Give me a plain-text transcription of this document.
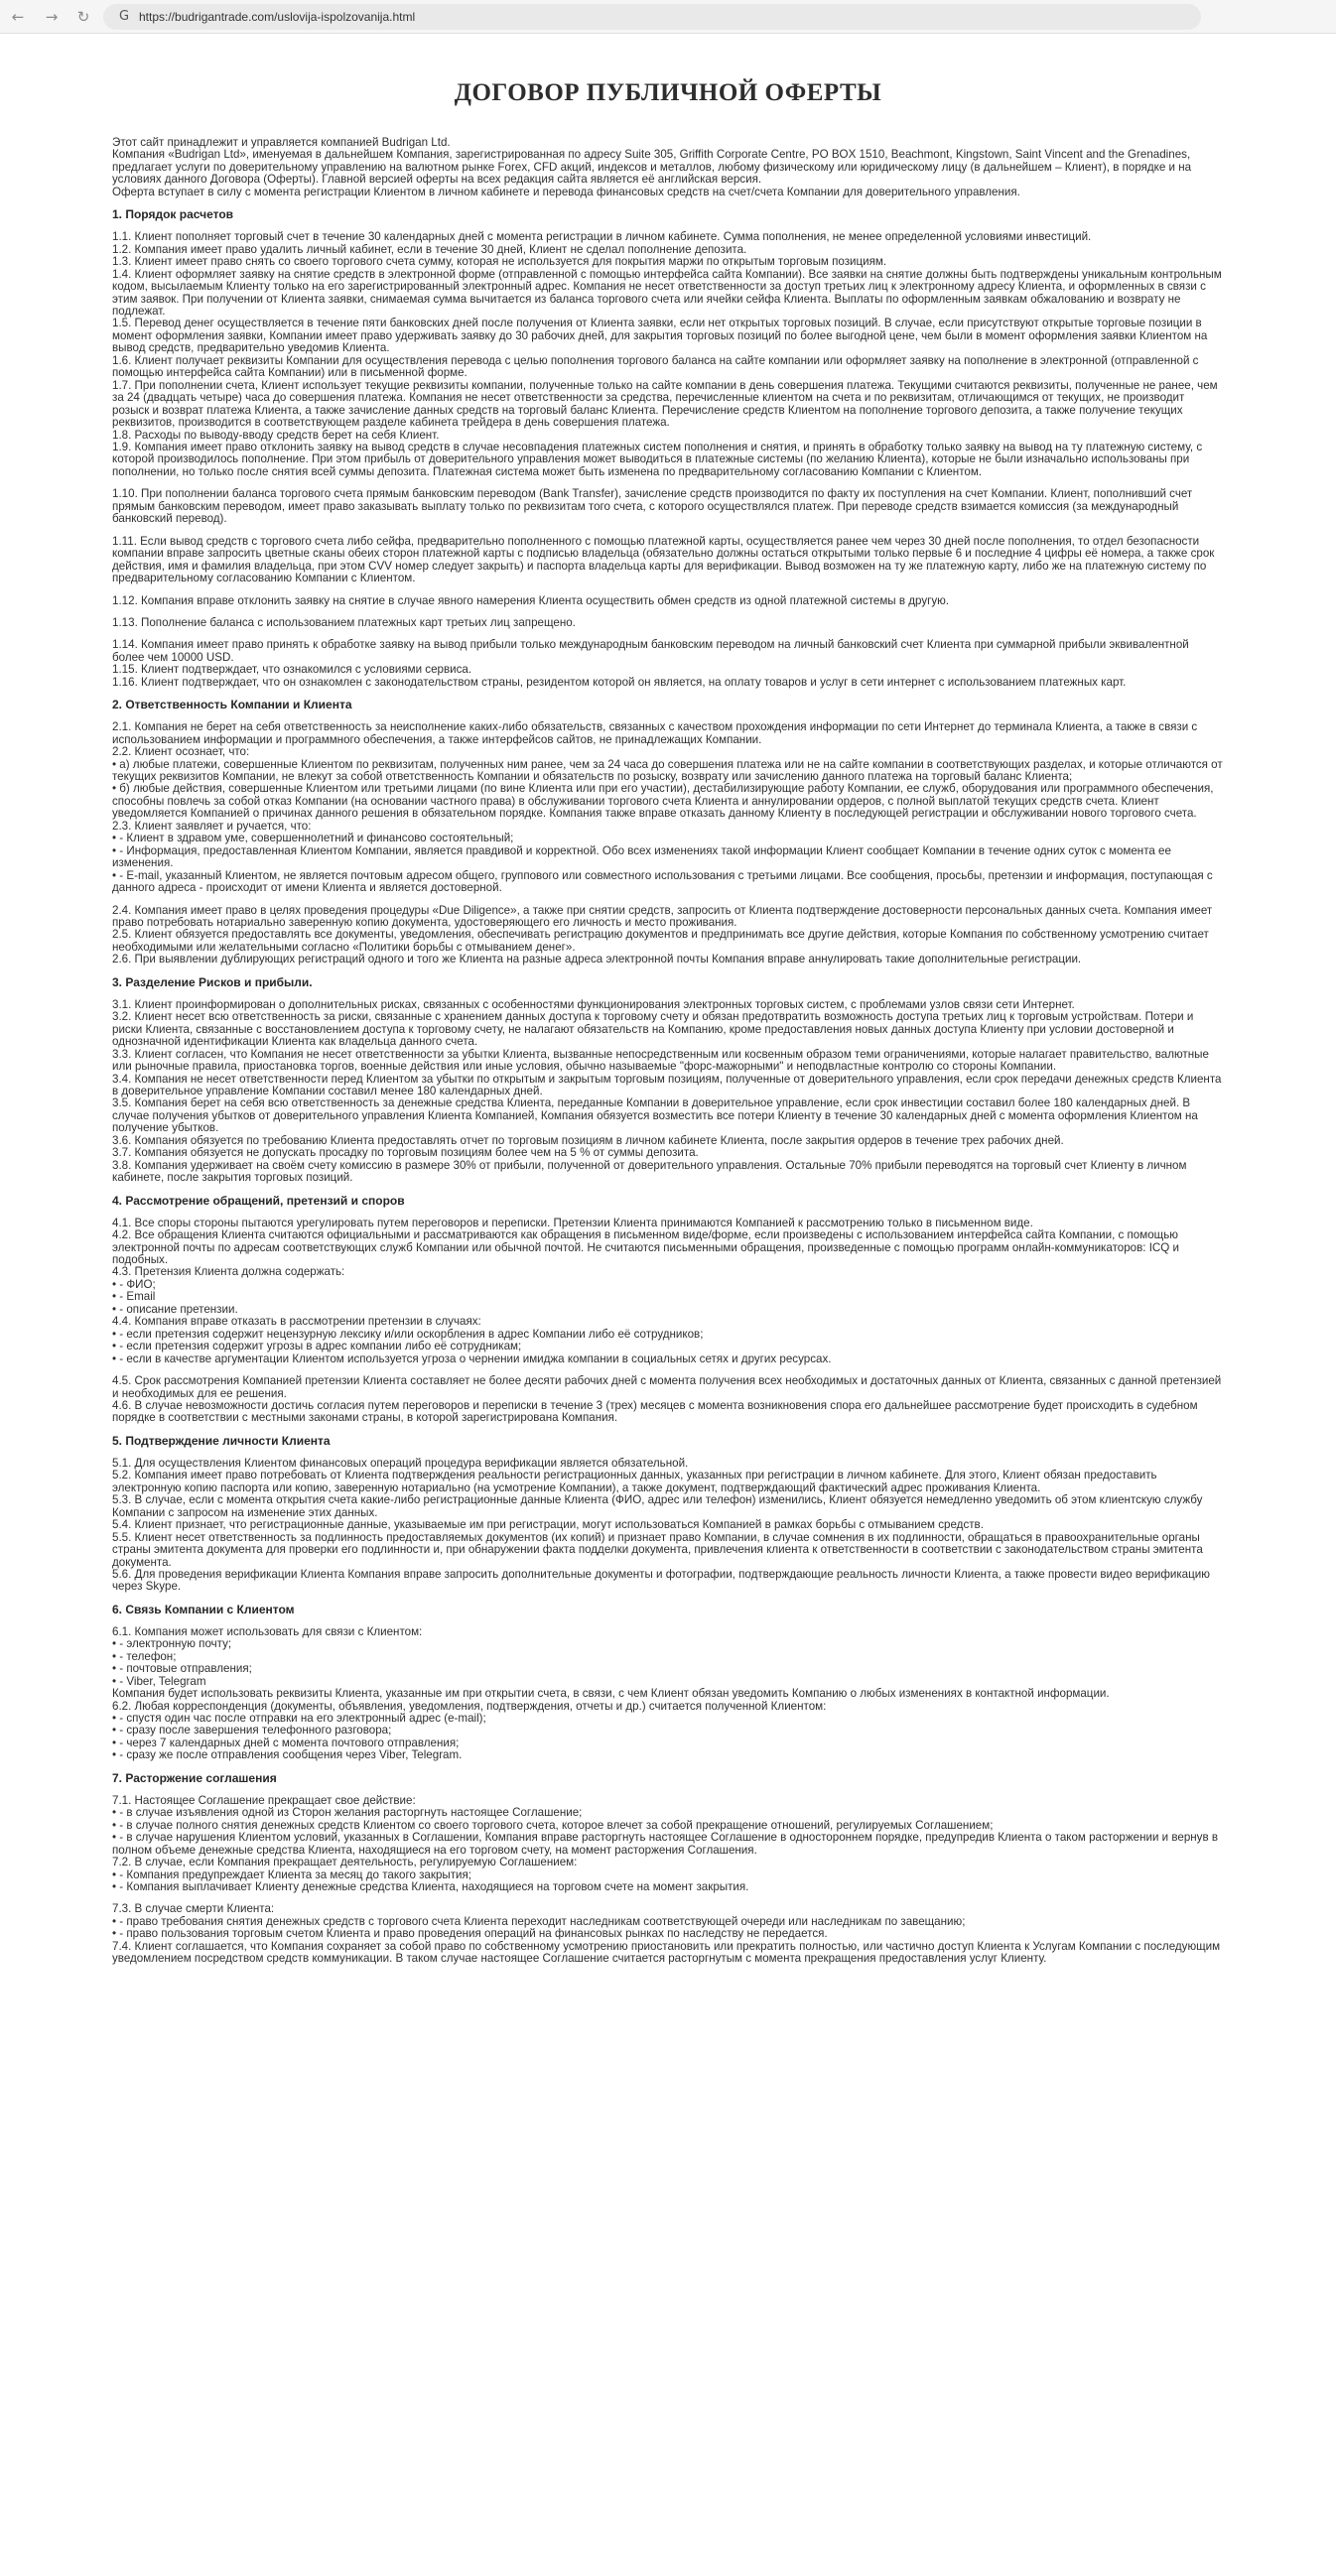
← → ↻	G https://budrigantrade.com/uslovija-ispolzovanija.html
ДОГОВОР ПУБЛИЧНОЙ ОФЕРТЫ

Этот сайт принадлежит и управляется компанией Budrigan Ltd.

Компания «Budrigan Ltd», именуемая в дальнейшем Компания, зарегистрированная по адресу Suite 305, Griffith Corporate Centre, PO BOX 1510, Beachmont, Kingstown, Saint Vincent and the Grenadines, предлагает услуги по доверительному управлению на валютном рынке Forex, CFD акций, индексов и металлов, любому физическому или юридическому лицу (в дальнейшем – Клиент), в порядке и на условиях данного Договора (Оферты). Главной версией оферты на всех редакция сайта является её английская версия.

Оферта вступает в силу с момента регистрации Клиентом в личном кабинете и перевода финансовых средств на счет/счета Компании для доверительного управления.

1. Порядок расчетов

1.1. Клиент пополняет торговый счет в течение 30 календарных дней с момента регистрации в личном кабинете. Сумма пополнения, не менее определенной условиями инвестиций.

1.2. Компания имеет право удалить личный кабинет, если в течение 30 дней, Клиент не сделал пополнение депозита.

1.3. Клиент имеет право снять со своего торгового счета сумму, которая не используется для покрытия маржи по открытым торговым позициям.

1.4. Клиент оформляет заявку на снятие средств в электронной форме (отправленной с помощью интерфейса сайта Компании). Все заявки на снятие должны быть подтверждены уникальным контрольным кодом, высылаемым Клиенту только на его зарегистрированный электронный адрес. Компания не несет ответственности за доступ третьих лиц к электронному адресу Клиента, и оформленных в связи с этим заявок. При получении от Клиента заявки, снимаемая сумма вычитается из баланса торгового счета или ячейки сейфа Клиента. Выплаты по оформленным заявкам обжалованию и возврату не подлежат.

1.5. Перевод денег осуществляется в течение пяти банковских дней после получения от Клиента заявки, если нет открытых торговых позиций. В случае, если присутствуют открытые торговые позиции в момент оформления заявки, Компании имеет право удерживать заявку до 30 рабочих дней, для закрытия торговых позиций по более выгодной цене, чем были в момент оформления заявки Клиентом на вывод средств, предварительно уведомив Клиента.

1.6. Клиент получает реквизиты Компании для осуществления перевода с целью пополнения торгового баланса на сайте компании или оформляет заявку на пополнение в электронной (отправленной с помощью интерфейса сайта Компании) или в письменной форме.

1.7. При пополнении счета, Клиент использует текущие реквизиты компании, полученные только на сайте компании в день совершения платежа. Текущими считаются реквизиты, полученные не ранее, чем за 24 (двадцать четыре) часа до совершения платежа. Компания не несет ответственности за средства, перечисленные клиентом на счета и по реквизитам, отличающимся от текущих, не производит розыск и возврат платежа Клиента, а также зачисление данных средств на торговый баланс Клиента. Перечисление средств Клиентом на пополнение торгового депозита, а также получение текущих реквизитов, производится в соответствующем разделе кабинета трейдера в день совершения платежа.

1.8. Расходы по выводу-вводу средств берет на себя Клиент.

1.9. Компания имеет право отклонить заявку на вывод средств в случае несовпадения платежных систем пополнения и снятия, и принять в обработку только заявку на вывод на ту платежную систему, с которой производилось пополнение. При этом прибыль от доверительного управления может выводиться в платежные системы (по желанию Клиента), которые не были изначально использованы при пополнении, но только после снятия всей суммы депозита. Платежная система может быть изменена по предварительному согласованию Компании с Клиентом.

1.10. При пополнении баланса торгового счета прямым банковским переводом (Bank Transfer), зачисление средств производится по факту их поступления на счет Компании. Клиент, пополнивший счет прямым банковским переводом, имеет право заказывать выплату только по реквизитам того счета, с которого осуществлялся платеж. При переводе средств взимается комиссия (за международный банковский перевод).

1.11. Если вывод средств с торгового счета либо сейфа, предварительно пополненного с помощью платежной карты, осуществляется ранее чем через 30 дней после пополнения, то отдел безопасности компании вправе запросить цветные сканы обеих сторон платежной карты с подписью владельца (обязательно должны остаться открытыми только первые 6 и последние 4 цифры её номера, а также срок действия, имя и фамилия владельца, при этом CVV номер следует закрыть) и паспорта владельца карты для верификации. Вывод возможен на ту же платежную карту, либо же на платежную систему по предварительному согласованию Компании с Клиентом.

1.12. Компания вправе отклонить заявку на снятие в случае явного намерения Клиента осуществить обмен средств из одной платежной системы в другую.

1.13. Пополнение баланса с использованием платежных карт третьих лиц запрещено.

1.14. Компания имеет право принять к обработке заявку на вывод прибыли только международным банковским переводом на личный банковский счет Клиента при суммарной прибыли эквивалентной более чем 10000 USD.

1.15. Клиент подтверждает, что ознакомился с условиями сервиса.

1.16. Клиент подтверждает, что он ознакомлен с законодательством страны, резидентом которой он является, на оплату товаров и услуг в сети интернет с использованием платежных карт.

2. Ответственность Компании и Клиента

2.1. Компания не берет на себя ответственность за неисполнение каких-либо обязательств, связанных с качеством прохождения информации по сети Интернет до терминала Клиента, а также в связи с использованием информации и программного обеспечения, а также интерфейсов сайтов, не принадлежащих Компании.

2.2. Клиент осознает, что:

• а) любые платежи, совершенные Клиентом по реквизитам, полученных ним ранее, чем за 24 часа до совершения платежа или не на сайте компании в соответствующих разделах, и которые отличаются от текущих реквизитов Компании, не влекут за собой ответственность Компании и обязательств по розыску, возврату или зачислению данного платежа на торговый баланс Клиента;

• б) любые действия, совершенные Клиентом или третьими лицами (по вине Клиента или при его участии), дестабилизирующие работу Компании, ее служб, оборудования или программного обеспечения, способны повлечь за собой отказ Компании (на основании частного права) в обслуживании торгового счета Клиента и аннулировании ордеров, с полной выплатой текущих средств счета. Клиент уведомляется Компанией о причинах данного решения в обязательном порядке. Компания также вправе отказать данному Клиенту в последующей регистрации и обслуживании нового торгового счета.

2.3. Клиент заявляет и ручается, что:

• - Клиент в здравом уме, совершеннолетний и финансово состоятельный;

• - Информация, предоставленная Клиентом Компании, является правдивой и корректной. Обо всех изменениях такой информации Клиент сообщает Компании в течение одних суток с момента ее изменения.

• - E-mail, указанный Клиентом, не является почтовым адресом общего, группового или совместного использования с третьими лицами. Все сообщения, просьбы, претензии и информация, поступающая с данного адреса - происходит от имени Клиента и является достоверной.

2.4. Компания имеет право в целях проведения процедуры «Due Diligence», а также при снятии средств, запросить от Клиента подтверждение достоверности персональных данных счета. Компания имеет право потребовать нотариально заверенную копию документа, удостоверяющего его личность и место проживания.

2.5. Клиент обязуется предоставлять все документы, уведомления, обеспечивать регистрацию документов и предпринимать все другие действия, которые Компания по собственному усмотрению считает необходимыми или желательными согласно «Политики борьбы с отмыванием денег».

2.6. При выявлении дублирующих регистраций одного и того же Клиента на разные адреса электронной почты Компания вправе аннулировать такие дополнительные регистрации.

3. Разделение Рисков и прибыли.

3.1. Клиент проинформирован о дополнительных рисках, связанных с особенностями функционирования электронных торговых систем, с проблемами узлов связи сети Интернет.

3.2. Клиент несет всю ответственность за риски, связанные с хранением данных доступа к торговому счету и обязан предотвратить возможность доступа третьих лиц к торговым устройствам. Потери и риски Клиента, связанные с восстановлением доступа к торговому счету, не налагают обязательств на Компанию, кроме предоставления новых данных доступа Клиенту при условии достоверной и однозначной идентификации Клиента как владельца данного счета.

3.3. Клиент согласен, что Компания не несет ответственности за убытки Клиента, вызванные непосредственным или косвенным образом теми ограничениями, которые налагает правительство, валютные или рыночные правила, приостановка торгов, военные действия или иные условия, обычно называемые "форс-мажорными" и неподвластные контролю со стороны Компании.

3.4. Компания не несет ответственности перед Клиентом за убытки по открытым и закрытым торговым позициям, полученные от доверительного управления, если срок передачи денежных средств Клиента в доверительное управление Компании составил менее 180 календарных дней.

3.5. Компания берет на себя всю ответственность за денежные средства Клиента, переданные Компании в доверительное управление, если срок инвестиции составил более 180 календарных дней. В случае получения убытков от доверительного управления Клиента Компанией, Компания обязуется возместить все потери Клиенту в течение 30 календарных дней с момента оформления Клиентом на получение убытков.

3.6. Компания обязуется по требованию Клиента предоставлять отчет по торговым позициям в личном кабинете Клиента, после закрытия ордеров в течение трех рабочих дней.

3.7. Компания обязуется не допускать просадку по торговым позициям более чем на 5 % от суммы депозита.

3.8. Компания удерживает на своём счету комиссию в размере 30% от прибыли, полученной от доверительного управления. Остальные 70% прибыли переводятся на торговый счет Клиенту в личном кабинете, после закрытия торговых позиций.

4. Рассмотрение обращений, претензий и споров

4.1. Все споры стороны пытаются урегулировать путем переговоров и переписки. Претензии Клиента принимаются Компанией к рассмотрению только в письменном виде.

4.2. Все обращения Клиента считаются официальными и рассматриваются как обращения в письменном виде/форме, если произведены с использованием интерфейса сайта Компании, с помощью электронной почты по адресам соответствующих служб Компании или обычной почтой. Не считаются письменными обращения, произведенные с помощью программ онлайн-коммуникаторов: ICQ и подобных.

4.3. Претензия Клиента должна содержать:

• - ФИО;

• - Email

• - описание претензии.

4.4. Компания вправе отказать в рассмотрении претензии в случаях:

• - если претензия содержит нецензурную лексику и/или оскорбления в адрес Компании либо её сотрудников;

• - если претензия содержит угрозы в адрес компании либо её сотрудникам;

• - если в качестве аргументации Клиентом используется угроза о чернении имиджа компании в социальных сетях и других ресурсах.

4.5. Срок рассмотрения Компанией претензии Клиента составляет не более десяти рабочих дней с момента получения всех необходимых и достаточных данных от Клиента, связанных с данной претензией и необходимых для ее решения.

4.6. В случае невозможности достичь согласия путем переговоров и переписки в течение 3 (трех) месяцев с момента возникновения спора его дальнейшее рассмотрение будет происходить в судебном порядке в соответствии с местными законами страны, в которой зарегистрирована Компания.

5. Подтверждение личности Клиента

5.1. Для осуществления Клиентом финансовых операций процедура верификации является обязательной.

5.2. Компания имеет право потребовать от Клиента подтверждения реальности регистрационных данных, указанных при регистрации в личном кабинете. Для этого, Клиент обязан предоставить электронную копию паспорта или копию, заверенную нотариально (на усмотрение Компании), а также документ, подтверждающий фактический адрес проживания Клиента.

5.3. В случае, если с момента открытия счета какие-либо регистрационные данные Клиента (ФИО, адрес или телефон) изменились, Клиент обязуется немедленно уведомить об этом клиентскую службу Компании с запросом на изменение этих данных.

5.4. Клиент признает, что регистрационные данные, указываемые им при регистрации, могут использоваться Компанией в рамках борьбы с отмыванием средств.

5.5. Клиент несет ответственность за подлинность предоставляемых документов (их копий) и признает право Компании, в случае сомнения в их подлинности, обращаться в правоохранительные органы страны эмитента документа для проверки его подлинности и, при обнаружении факта подделки документа, привлечения клиента к ответственности в соответствии с законодательством страны эмитента документа.

5.6. Для проведения верификации Клиента Компания вправе запросить дополнительные документы и фотографии, подтверждающие реальность личности Клиента, а также провести видео верификацию через Skype.

6. Связь Компании с Клиентом

6.1. Компания может использовать для связи с Клиентом:

• - электронную почту;

• - телефон;

• - почтовые отправления;

• - Viber, Telegram

Компания будет использовать реквизиты Клиента, указанные им при открытии счета, в связи, с чем Клиент обязан уведомить Компанию о любых изменениях в контактной информации.

6.2. Любая корреспонденция (документы, объявления, уведомления, подтверждения, отчеты и др.) считается полученной Клиентом:

• - спустя один час после отправки на его электронный адрес (e-mail);

• - сразу после завершения телефонного разговора;

• - через 7 календарных дней с момента почтового отправления;

• - сразу же после отправления сообщения через Viber, Telegram.

7. Расторжение соглашения

7.1. Настоящее Соглашение прекращает свое действие:

• - в случае изъявления одной из Сторон желания расторгнуть настоящее Соглашение;

• - в случае полного снятия денежных средств Клиентом со своего торгового счета, которое влечет за собой прекращение отношений, регулируемых Соглашением;

• - в случае нарушения Клиентом условий, указанных в Соглашении, Компания вправе расторгнуть настоящее Соглашение в одностороннем порядке, предупредив Клиента о таком расторжении и вернув в полном объеме денежные средства Клиента, находящиеся на его торговом счету, на момент расторжения Соглашения.

7.2. В случае, если Компания прекращает деятельность, регулируемую Соглашением:

• - Компания предупреждает Клиента за месяц до такого закрытия;

• - Компания выплачивает Клиенту денежные средства Клиента, находящиеся на торговом счете на момент закрытия.

7.3. В случае смерти Клиента:

• - право требования снятия денежных средств с торгового счета Клиента переходит наследникам соответствующей очереди или наследникам по завещанию;

• - право пользования торговым счетом Клиента и право проведения операций на финансовых рынках по наследству не передается.

7.4. Клиент соглашается, что Компания сохраняет за собой право по собственному усмотрению приостановить или прекратить полностью, или частично доступ Клиента к Услугам Компании с последующим уведомлением посредством средств коммуникации. В таком случае настоящее Соглашение считается расторгнутым с момента прекращения предоставления услуг Клиенту.
